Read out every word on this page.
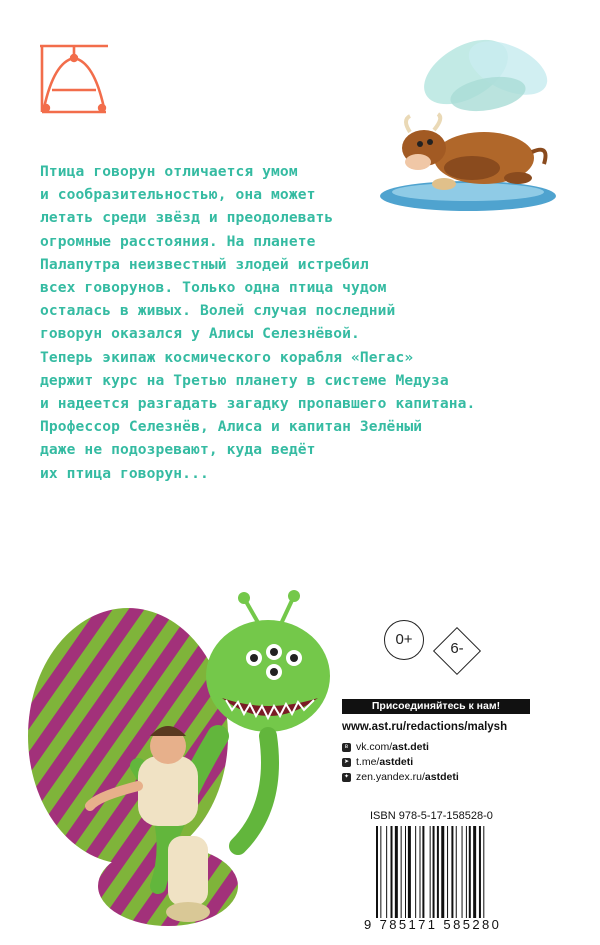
Птица говорун отличается умом
и сообразительностью, она может
летать среди звёзд и преодолевать
огромные расстояния. На планете
Палапутра неизвестный злодей истребил
всех говорунов. Только одна птица чудом
осталась в живых. Волей случая последний
говорун оказался у Алисы Селезнёвой.
Теперь экипаж космического корабля «Пегас»
держит курс на Третью планету в системе Медуза
и надеется разгадать загадку пропавшего капитана.
Профессор Селезнёв, Алиса и капитан Зелёный
даже не подозревают, куда ведёт
их птица говорун...

0+
6-
Присоединяйтесь к нам!
www.ast.ru/redactions/malysh
в vk.com/ ast.deti
➤ t.me/ astdeti
✦ zen.yandex.ru/ astdeti
ISBN 978-5-17-158528-0
9 785171 585280
